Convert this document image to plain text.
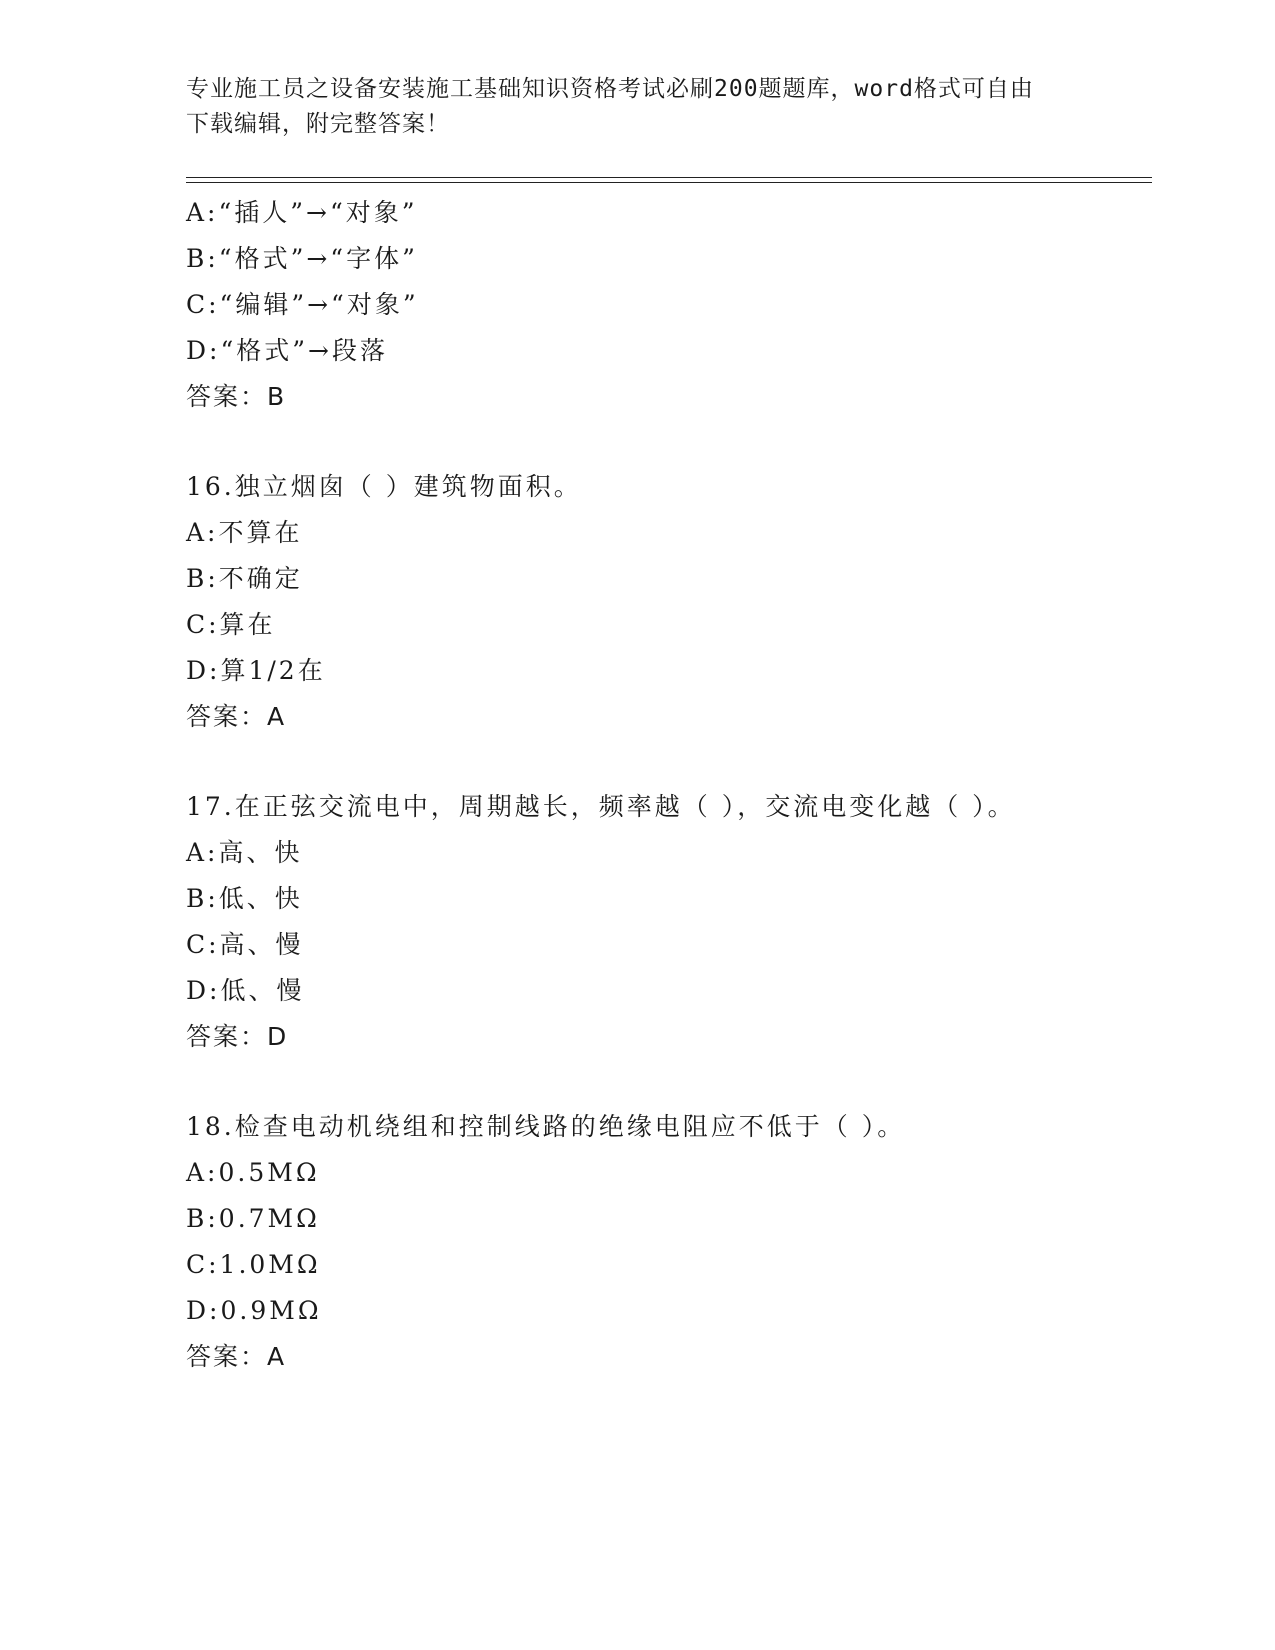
专业施工员之设备安装施工基础知识资格考试必刷200题题库，word格式可自由
下载编辑，附完整答案！
A:“插人”→“对象”
B:“格式”→“字体”
C:“编辑”→“对象”
D:“格式”→段落
答案：B
16.独立烟囱（ ）建筑物面积。
A:不算在
B:不确定
C:算在
D:算1/2在
答案：A
17.在正弦交流电中，周期越长，频率越（ ），交流电变化越（ ）。
A:高、快
B:低、快
C:高、慢
D:低、慢
答案：D
18.检查电动机绕组和控制线路的绝缘电阻应不低于（ ）。
A:0.5MΩ
B:0.7MΩ
C:1.0MΩ
D:0.9MΩ
答案：A
